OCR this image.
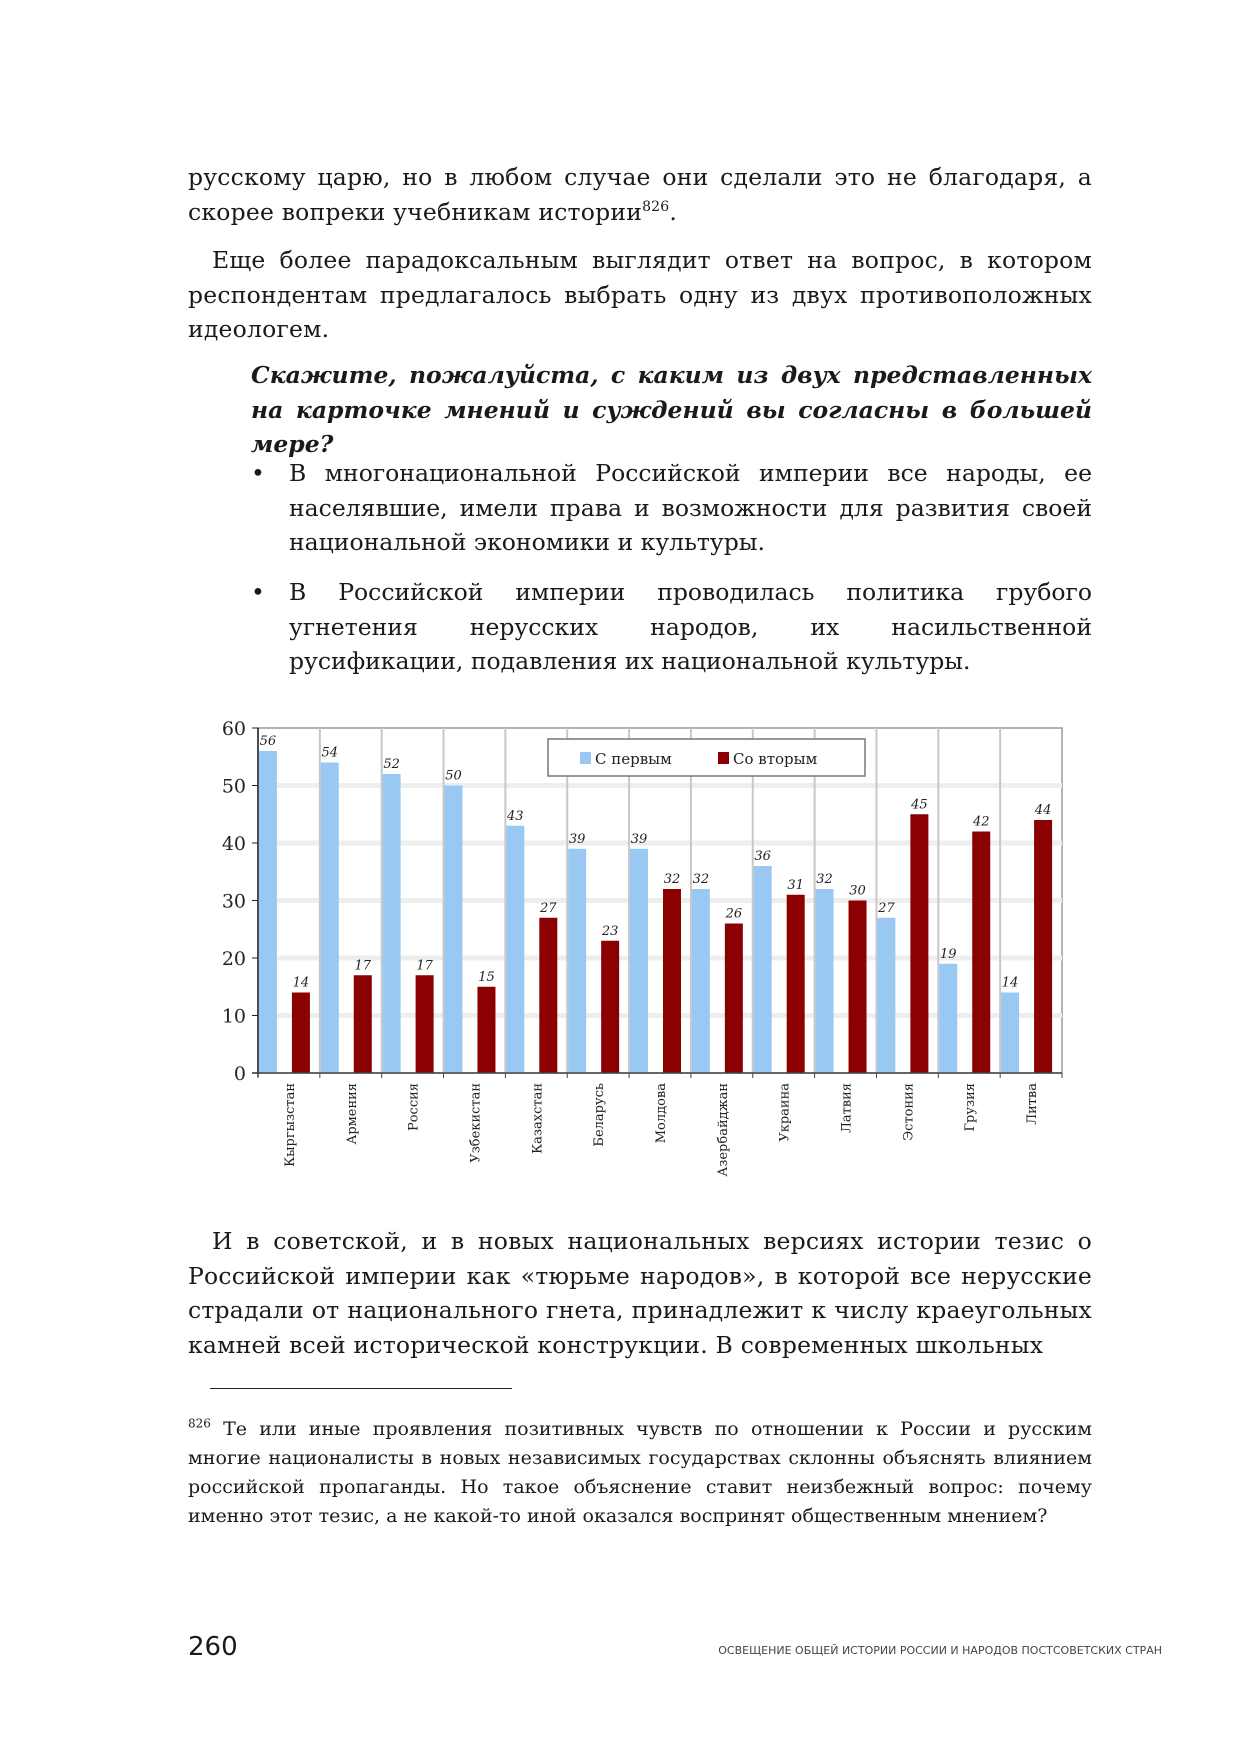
русскому царю, но в любом случае они сделали это не благодаря, а скорее вопреки учебникам истории$^{826}$.

Еще более парадоксальным выглядит ответ на вопрос, в котором респондентам предлагалось выбрать одну из двух противоположных идеологем.

Скажите, пожалуйста, с каким из двух представленных на карточке мнений и суждений вы согласны в большей мере?

• В многонациональной Российской империи все народы, ее населявшие, имели права и возможности для развития своей национальной экономики и культуры.
• В Российской империи проводилась политика грубого угнетения нерусских народов, их насильственной русификации, подавления их национальной культуры.
56
54
52
50
43
39	39
32
36
32
27
19
14
14
17	17
15
27
23
32
26
31	30
45
42
44
0
10
20
30
40
50
60
Кыргызстан	Армения	Россия	Узбекистан	Казахстан	Беларусь	Молдова	Азербайджан	Украина	Латвия	Эстония	Грузия	Литва
С первым	Со вторым

И в советской, и в новых национальных версиях истории тезис о Российской империи как «тюрьме народов», в которой все нерусские страдали от национального гнета, принадлежит к числу краеугольных камней всей исторической конструкции. В современных школьных

$^{826}$ Те или иные проявления позитивных чувств по отношении к России и русским многие националисты в новых независимых государствах склонны объяснять влиянием российской пропаганды. Но такое объяснение ставит неизбежный вопрос: почему именно этот тезис, а не какой-то иной оказался воспринят общественным мнением?

260	ОСВЕЩЕНИЕ ОБЩЕЙ ИСТОРИИ РОССИИ И НАРОДОВ ПОСТСОВЕТСКИХ СТРАН
